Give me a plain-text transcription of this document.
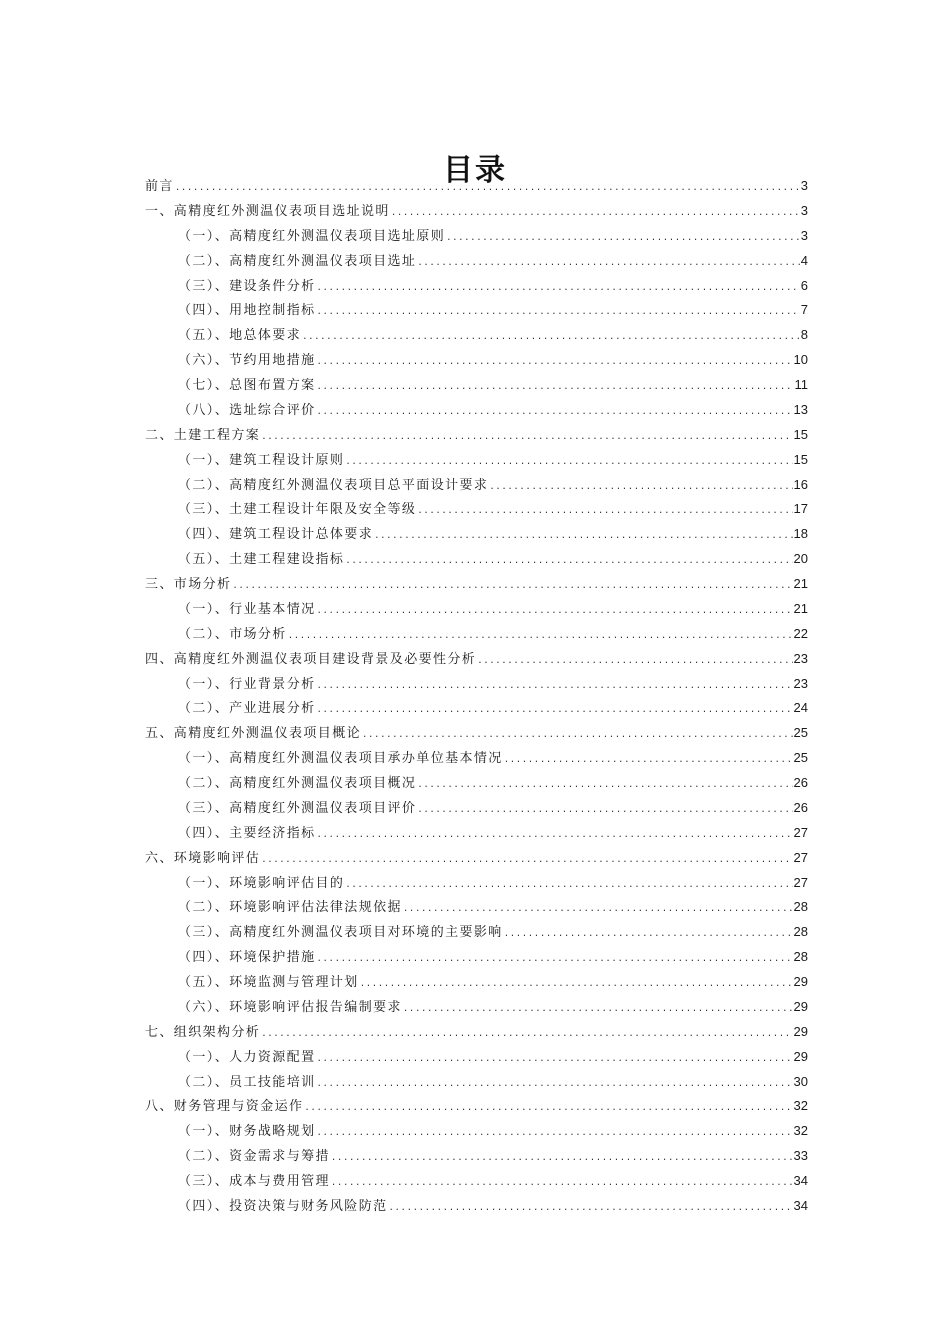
目录
前言 .....	3
一、高精度红外测温仪表项目选址说明 .....	3
（一）、高精度红外测温仪表项目选址原则 .....	3
（二）、高精度红外测温仪表项目选址 .....	4
（三）、建设条件分析 .....	6
（四）、用地控制指标 .....	7
（五）、地总体要求 .....	8
（六）、节约用地措施 .....	10
（七）、总图布置方案 .....	11
（八）、选址综合评价 .....	13
二、土建工程方案 .....	15
（一）、建筑工程设计原则 .....	15
（二）、高精度红外测温仪表项目总平面设计要求 .....	16
（三）、土建工程设计年限及安全等级 .....	17
（四）、建筑工程设计总体要求 .....	18
（五）、土建工程建设指标 .....	20
三、市场分析 .....	21
（一）、行业基本情况 .....	21
（二）、市场分析 .....	22
四、高精度红外测温仪表项目建设背景及必要性分析 .....	23
（一）、行业背景分析 .....	23
（二）、产业进展分析 .....	24
五、高精度红外测温仪表项目概论 .....	25
（一）、高精度红外测温仪表项目承办单位基本情况 .....	25
（二）、高精度红外测温仪表项目概况 .....	26
（三）、高精度红外测温仪表项目评价 .....	26
（四）、主要经济指标 .....	27
六、环境影响评估 .....	27
（一）、环境影响评估目的 .....	27
（二）、环境影响评估法律法规依据 .....	28
（三）、高精度红外测温仪表项目对环境的主要影响 .....	28
（四）、环境保护措施 .....	28
（五）、环境监测与管理计划 .....	29
（六）、环境影响评估报告编制要求 .....	29
七、组织架构分析 .....	29
（一）、人力资源配置 .....	29
（二）、员工技能培训 .....	30
八、财务管理与资金运作 .....	32
（一）、财务战略规划 .....	32
（二）、资金需求与筹措 .....	33
（三）、成本与费用管理 .....	34
（四）、投资决策与财务风险防范 .....	34
